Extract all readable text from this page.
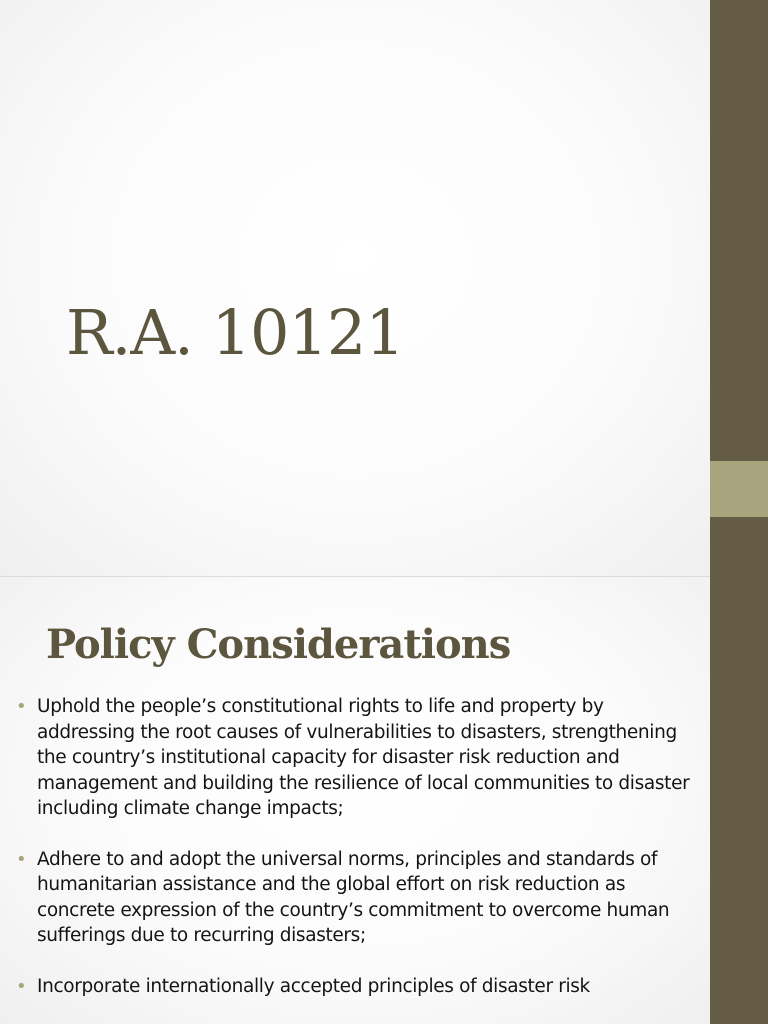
R.A. 10121
Policy Considerations
• Uphold the people’s constitutional rights to life and property by addressing the root causes of vulnerabilities to disasters, strengthening the country’s institutional capacity for disaster risk reduction and management and building the resilience of local communities to disaster including climate change impacts;
• Adhere to and adopt the universal norms, principles and standards of humanitarian assistance and the global effort on risk reduction as concrete expression of the country’s commitment to overcome human sufferings due to recurring disasters;
• Incorporate internationally accepted principles of disaster risk
